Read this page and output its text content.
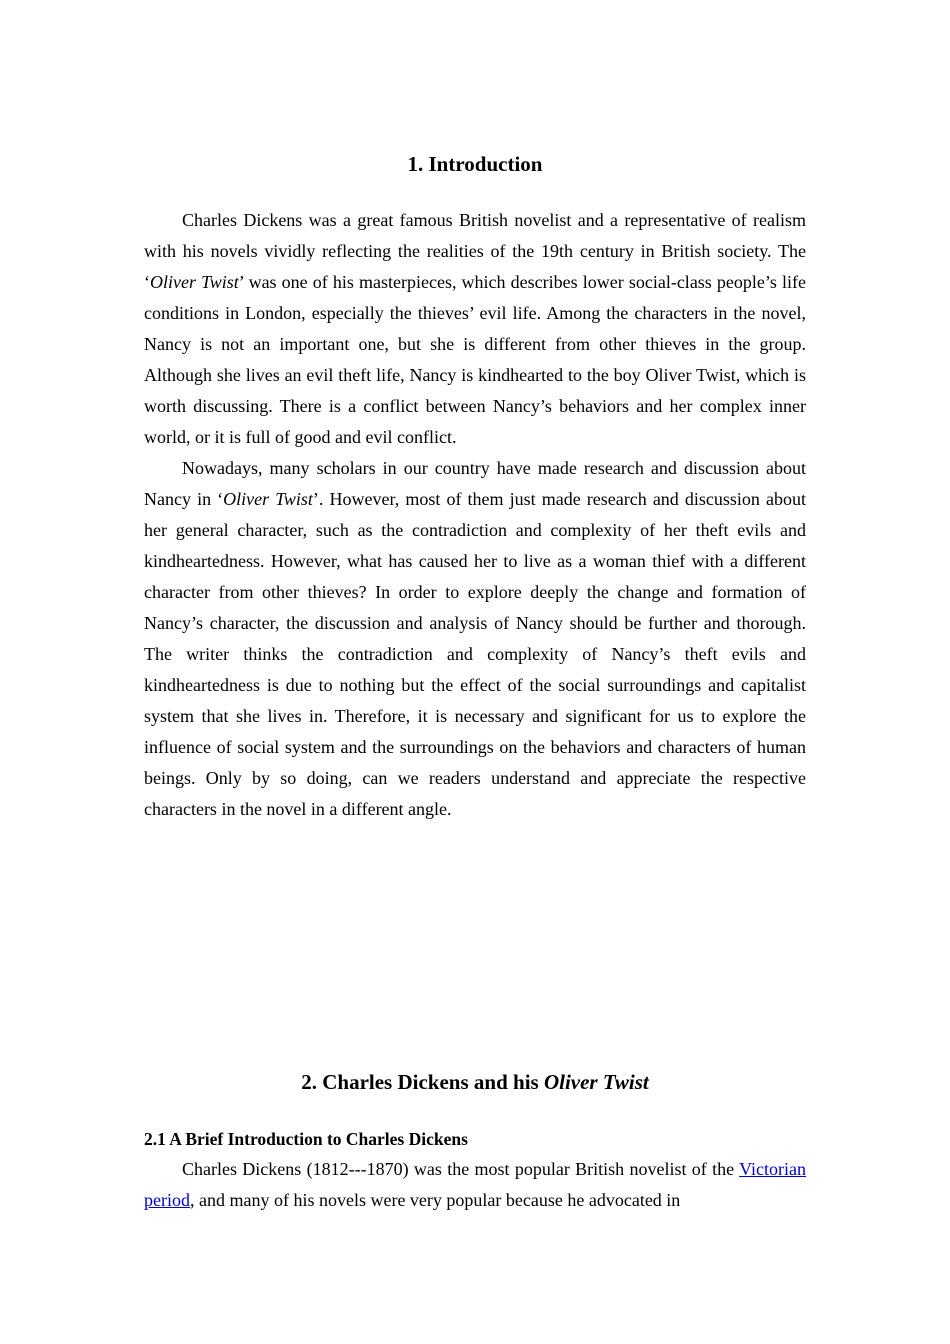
1. Introduction

Charles Dickens was a great famous British novelist and a representative of realism with his novels vividly reflecting the realities of the 19th century in British society. The ‘Oliver Twist’ was one of his masterpieces, which describes lower social-class people’s life conditions in London, especially the thieves’ evil life. Among the characters in the novel, Nancy is not an important one, but she is different from other thieves in the group. Although she lives an evil theft life, Nancy is kindhearted to the boy Oliver Twist, which is worth discussing. There is a conflict between Nancy’s behaviors and her complex inner world, or it is full of good and evil conflict.

Nowadays, many scholars in our country have made research and discussion about Nancy in ‘Oliver Twist’. However, most of them just made research and discussion about her general character, such as the contradiction and complexity of her theft evils and kindheartedness. However, what has caused her to live as a woman thief with a different character from other thieves? In order to explore deeply the change and formation of Nancy’s character, the discussion and analysis of Nancy should be further and thorough. The writer thinks the contradiction and complexity of Nancy’s theft evils and kindheartedness is due to nothing but the effect of the social surroundings and capitalist system that she lives in. Therefore, it is necessary and significant for us to explore the influence of social system and the surroundings on the behaviors and characters of human beings. Only by so doing, can we readers understand and appreciate the respective characters in the novel in a different angle.

2. Charles Dickens and his Oliver Twist
2.1 A Brief Introduction to Charles Dickens

Charles Dickens (1812---1870) was the most popular British novelist of the Victorian period, and many of his novels were very popular because he advocated in
